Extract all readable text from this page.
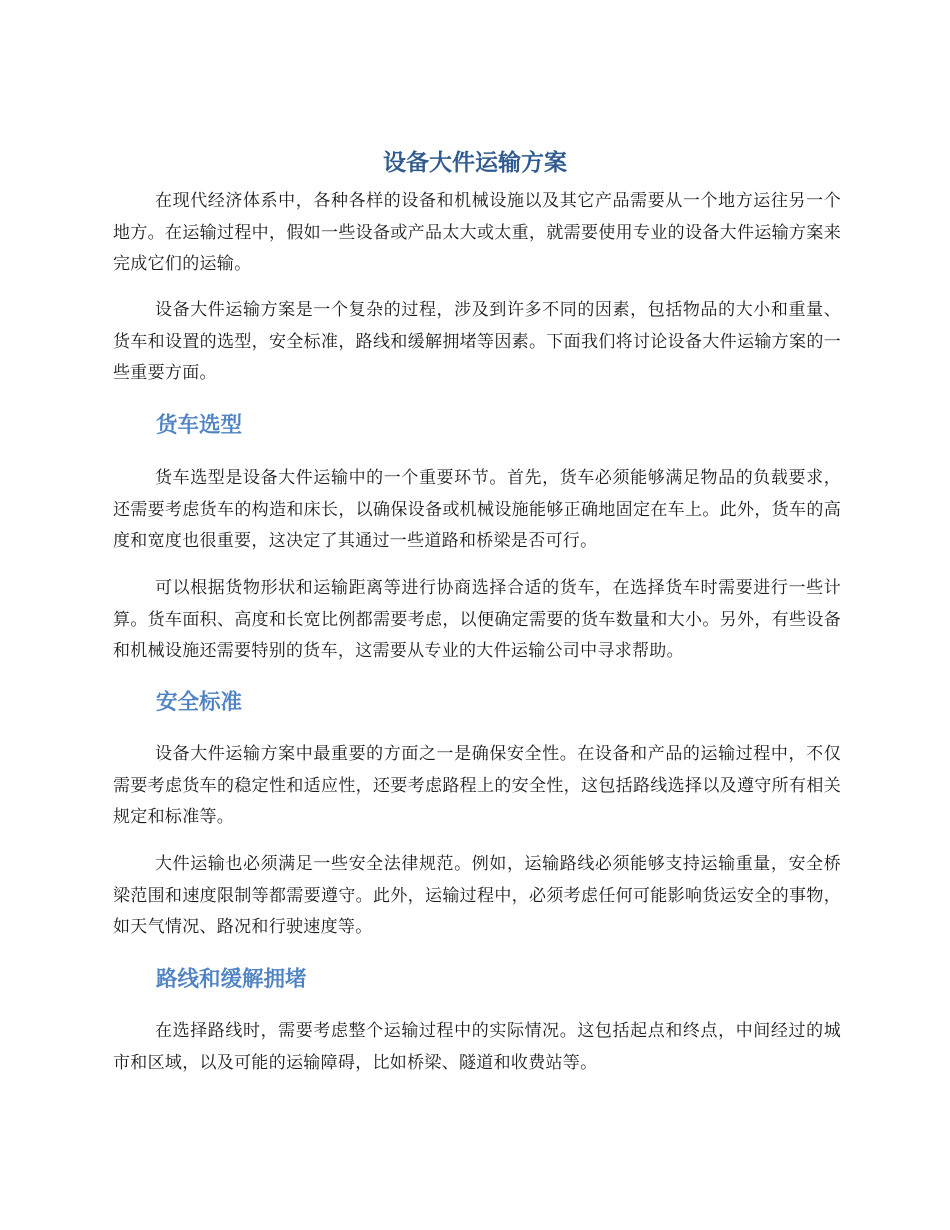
设备大件运输方案

在现代经济体系中，各种各样的设备和机械设施以及其它产品需要从一个地方运往另一个地方。在运输过程中，假如一些设备或产品太大或太重，就需要使用专业的设备大件运输方案来完成它们的运输。

设备大件运输方案是一个复杂的过程，涉及到许多不同的因素，包括物品的大小和重量、货车和设置的选型，安全标准，路线和缓解拥堵等因素。下面我们将讨论设备大件运输方案的一些重要方面。

货车选型

货车选型是设备大件运输中的一个重要环节。首先，货车必须能够满足物品的负载要求，还需要考虑货车的构造和床长，以确保设备或机械设施能够正确地固定在车上。此外，货车的高度和宽度也很重要，这决定了其通过一些道路和桥梁是否可行。

可以根据货物形状和运输距离等进行协商选择合适的货车，在选择货车时需要进行一些计算。货车面积、高度和长宽比例都需要考虑，以便确定需要的货车数量和大小。另外，有些设备和机械设施还需要特别的货车，这需要从专业的大件运输公司中寻求帮助。

安全标准

设备大件运输方案中最重要的方面之一是确保安全性。在设备和产品的运输过程中，不仅需要考虑货车的稳定性和适应性，还要考虑路程上的安全性，这包括路线选择以及遵守所有相关规定和标准等。

大件运输也必须满足一些安全法律规范。例如，运输路线必须能够支持运输重量，安全桥梁范围和速度限制等都需要遵守。此外，运输过程中，必须考虑任何可能影响货运安全的事物，如天气情况、路况和行驶速度等。

路线和缓解拥堵

在选择路线时，需要考虑整个运输过程中的实际情况。这包括起点和终点，中间经过的城市和区域，以及可能的运输障碍，比如桥梁、隧道和收费站等。
